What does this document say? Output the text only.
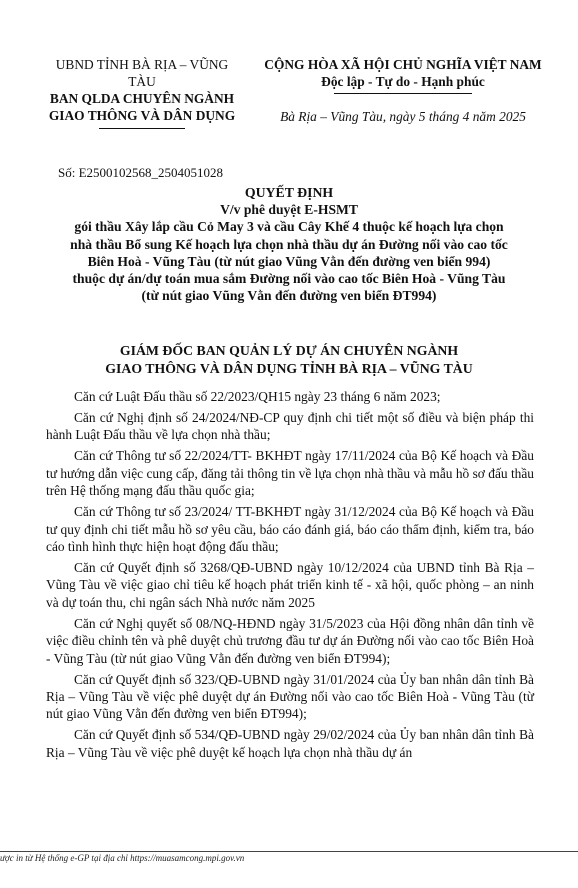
UBND TỈNH BÀ RỊA – VŨNG TÀU
BAN QLDA CHUYÊN NGÀNH GIAO THÔNG VÀ DÂN DỤNG
CỘNG HÒA XÃ HỘI CHỦ NGHĨA VIỆT NAM
Độc lập - Tự do - Hạnh phúc
Bà Rịa – Vũng Tàu, ngày 5 tháng 4 năm 2025
Số: E2500102568_2504051028
QUYẾT ĐỊNH
V/v phê duyệt E-HSMT
gói thầu Xây lắp cầu Cỏ May 3 và cầu Cây Khế 4 thuộc kế hoạch lựa chọn
nhà thầu Bổ sung Kế hoạch lựa chọn nhà thầu dự án Đường nối vào cao tốc
Biên Hoà - Vũng Tàu (từ nút giao Vũng Vằn đến đường ven biển 994)
thuộc dự án/dự toán mua sắm Đường nối vào cao tốc Biên Hoà - Vũng Tàu
(từ nút giao Vũng Vằn đến đường ven biển ĐT994)
GIÁM ĐỐC BAN QUẢN LÝ DỰ ÁN CHUYÊN NGÀNH
GIAO THÔNG VÀ DÂN DỤNG TỈNH BÀ RỊA – VŨNG TÀU

Căn cứ Luật Đấu thầu số 22/2023/QH15 ngày 23 tháng 6 năm 2023;

Căn cứ Nghị định số 24/2024/NĐ-CP quy định chi tiết một số điều và biện pháp thi hành Luật Đấu thầu về lựa chọn nhà thầu;

Căn cứ Thông tư số 22/2024/TT- BKHĐT ngày 17/11/2024 của Bộ Kế hoạch và Đầu tư hướng dẫn việc cung cấp, đăng tải thông tin về lựa chọn nhà thầu và mẫu hồ sơ đấu thầu trên Hệ thống mạng đấu thầu quốc gia;

Căn cứ Thông tư số 23/2024/ TT-BKHĐT ngày 31/12/2024 của Bộ Kế hoạch và Đầu tư quy định chi tiết mẫu hồ sơ yêu cầu, báo cáo đánh giá, báo cáo thẩm định, kiểm tra, báo cáo tình hình thực hiện hoạt động đấu thầu;

Căn cứ Quyết định số 3268/QĐ-UBND ngày 10/12/2024 của UBND tỉnh Bà Rịa – Vũng Tàu về việc giao chỉ tiêu kế hoạch phát triển kinh tế - xã hội, quốc phòng – an ninh và dự toán thu, chi ngân sách Nhà nước năm 2025

Căn cứ Nghị quyết số 08/NQ-HĐND ngày 31/5/2023 của Hội đồng nhân dân tỉnh về việc điều chỉnh tên và phê duyệt chủ trương đầu tư dự án Đường nối vào cao tốc Biên Hoà - Vũng Tàu (từ nút giao Vũng Vằn đến đường ven biển ĐT994);

Căn cứ Quyết định số 323/QĐ-UBND ngày 31/01/2024 của Ủy ban nhân dân tỉnh Bà Rịa – Vũng Tàu về việc phê duyệt dự án Đường nối vào cao tốc Biên Hoà - Vũng Tàu (từ nút giao Vũng Vằn đến đường ven biển ĐT994);

Căn cứ Quyết định số 534/QĐ-UBND ngày 29/02/2024 của Ủy ban nhân dân tỉnh Bà Rịa – Vũng Tàu về việc phê duyệt kế hoạch lựa chọn nhà thầu dự án

ược in từ Hệ thống e-GP tại địa chỉ https://muasamcong.mpi.gov.vn
